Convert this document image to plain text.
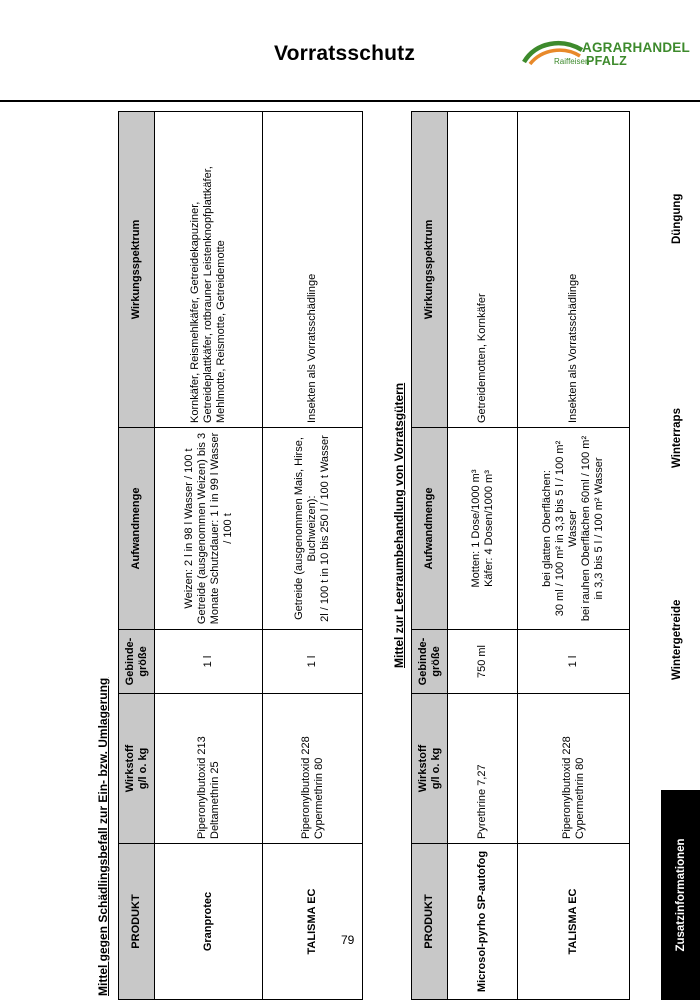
Vorratsschutz	AGRARHANDEL
Raiffeisen
PFALZ
Mittel gegen Schädlingsbefall zur Ein- bzw. Umlagerung PRODUKT	Wirkstoff
g/l o. kg	Gebinde-
größe	Aufwandmenge	Wirkungsspektrum
Granprotec	Piperonylbutoxid 213
Deltamethrin 25	1 l	Weizen: 2 l in 98 l Wasser / 100 t
Getreide (ausgenommen Weizen) bis 3 Monate Schutzdauer: 1 l in 99 l Wasser / 100 t	Kornkäfer, Reismehlkäfer, Getreidekapuziner, Getreideplattkäfer, rotbrauner Leistenknopfplattkäfer, Mehlmotte, Reismotte, Getreidemotte
TALISMA EC	Piperonylbutoxid 228
Cypermethrin 80	1 l	Getreide (ausgenommen Mais, Hirse, Buchweizen):
2l / 100 t in 10 bis 250 l / 100 t Wasser	Insekten als Vorratsschädlinge
Mittel zur Leerraumbehandlung von Vorratsgütern
PRODUKT	Wirkstoff
g/l o. kg	Gebinde-
größe	Aufwandmenge	Wirkungsspektrum
Microsol-pyrho SP-autofog	Pyrethrine 7,27	750 ml	Motten: 1 Dose/1000 m³
Käfer: 4 Dosen/1000 m³	Getreidemotten, Kornkäfer
TALISMA EC	Piperonylbutoxid 228
Cypermethrin 80	1 l	bei glatten Oberflächen:
30 ml / 100 m² in 3,3 bis 5 l / 100 m² Wasser
bei rauhen Oberflächen 60ml / 100 m² in 3,3 bis 5 l / 100 m² Wasser	Insekten als Vorratsschädlinge
79	Zusatzinformationen
Wintergetreide
Winterraps
Düngung
